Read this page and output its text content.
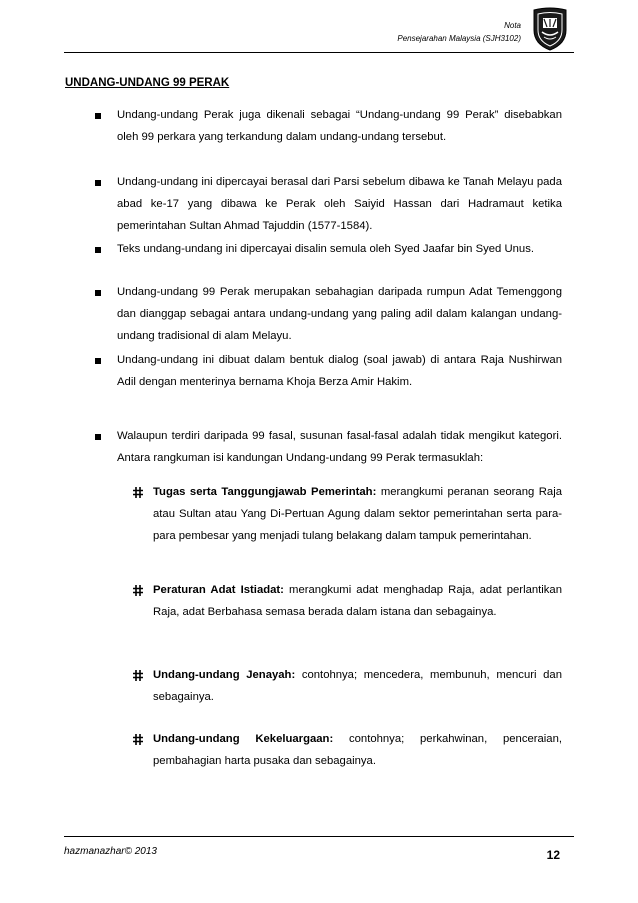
Nota
Pensejarahan Malaysia (SJH3102)
UNDANG-UNDANG 99 PERAK
Undang-undang Perak juga dikenali sebagai “Undang-undang 99 Perak” disebabkan oleh 99 perkara yang terkandung dalam undang-undang tersebut.
Undang-undang ini dipercayai berasal dari Parsi sebelum dibawa ke Tanah Melayu pada abad ke-17 yang dibawa ke Perak oleh Saiyid Hassan dari Hadramaut ketika pemerintahan Sultan Ahmad Tajuddin (1577-1584).
Teks undang-undang ini dipercayai disalin semula oleh Syed Jaafar bin Syed Unus.
Undang-undang 99 Perak merupakan sebahagian daripada rumpun Adat Temenggong dan dianggap sebagai antara undang-undang yang paling adil dalam kalangan undang-undang tradisional di alam Melayu.
Undang-undang ini dibuat dalam bentuk dialog (soal jawab) di antara Raja Nushirwan Adil dengan menterinya bernama Khoja Berza Amir Hakim.
Walaupun terdiri daripada 99 fasal, susunan fasal-fasal adalah tidak mengikut kategori. Antara rangkuman isi kandungan Undang-undang 99 Perak termasuklah:
Tugas serta Tanggungjawab Pemerintah: merangkumi peranan seorang Raja atau Sultan atau Yang Di-Pertuan Agung dalam sektor pemerintahan serta para-para pembesar yang menjadi tulang belakang dalam tampuk pemerintahan.
Peraturan Adat Istiadat: merangkumi adat menghadap Raja, adat perlantikan Raja, adat Berbahasa semasa berada dalam istana dan sebagainya.
Undang-undang Jenayah: contohnya; mencedera, membunuh, mencuri dan sebagainya.
Undang-undang Kekeluargaan: contohnya; perkahwinan, penceraian, pembahagian harta pusaka dan sebagainya.
hazmanazhar© 2013	12
